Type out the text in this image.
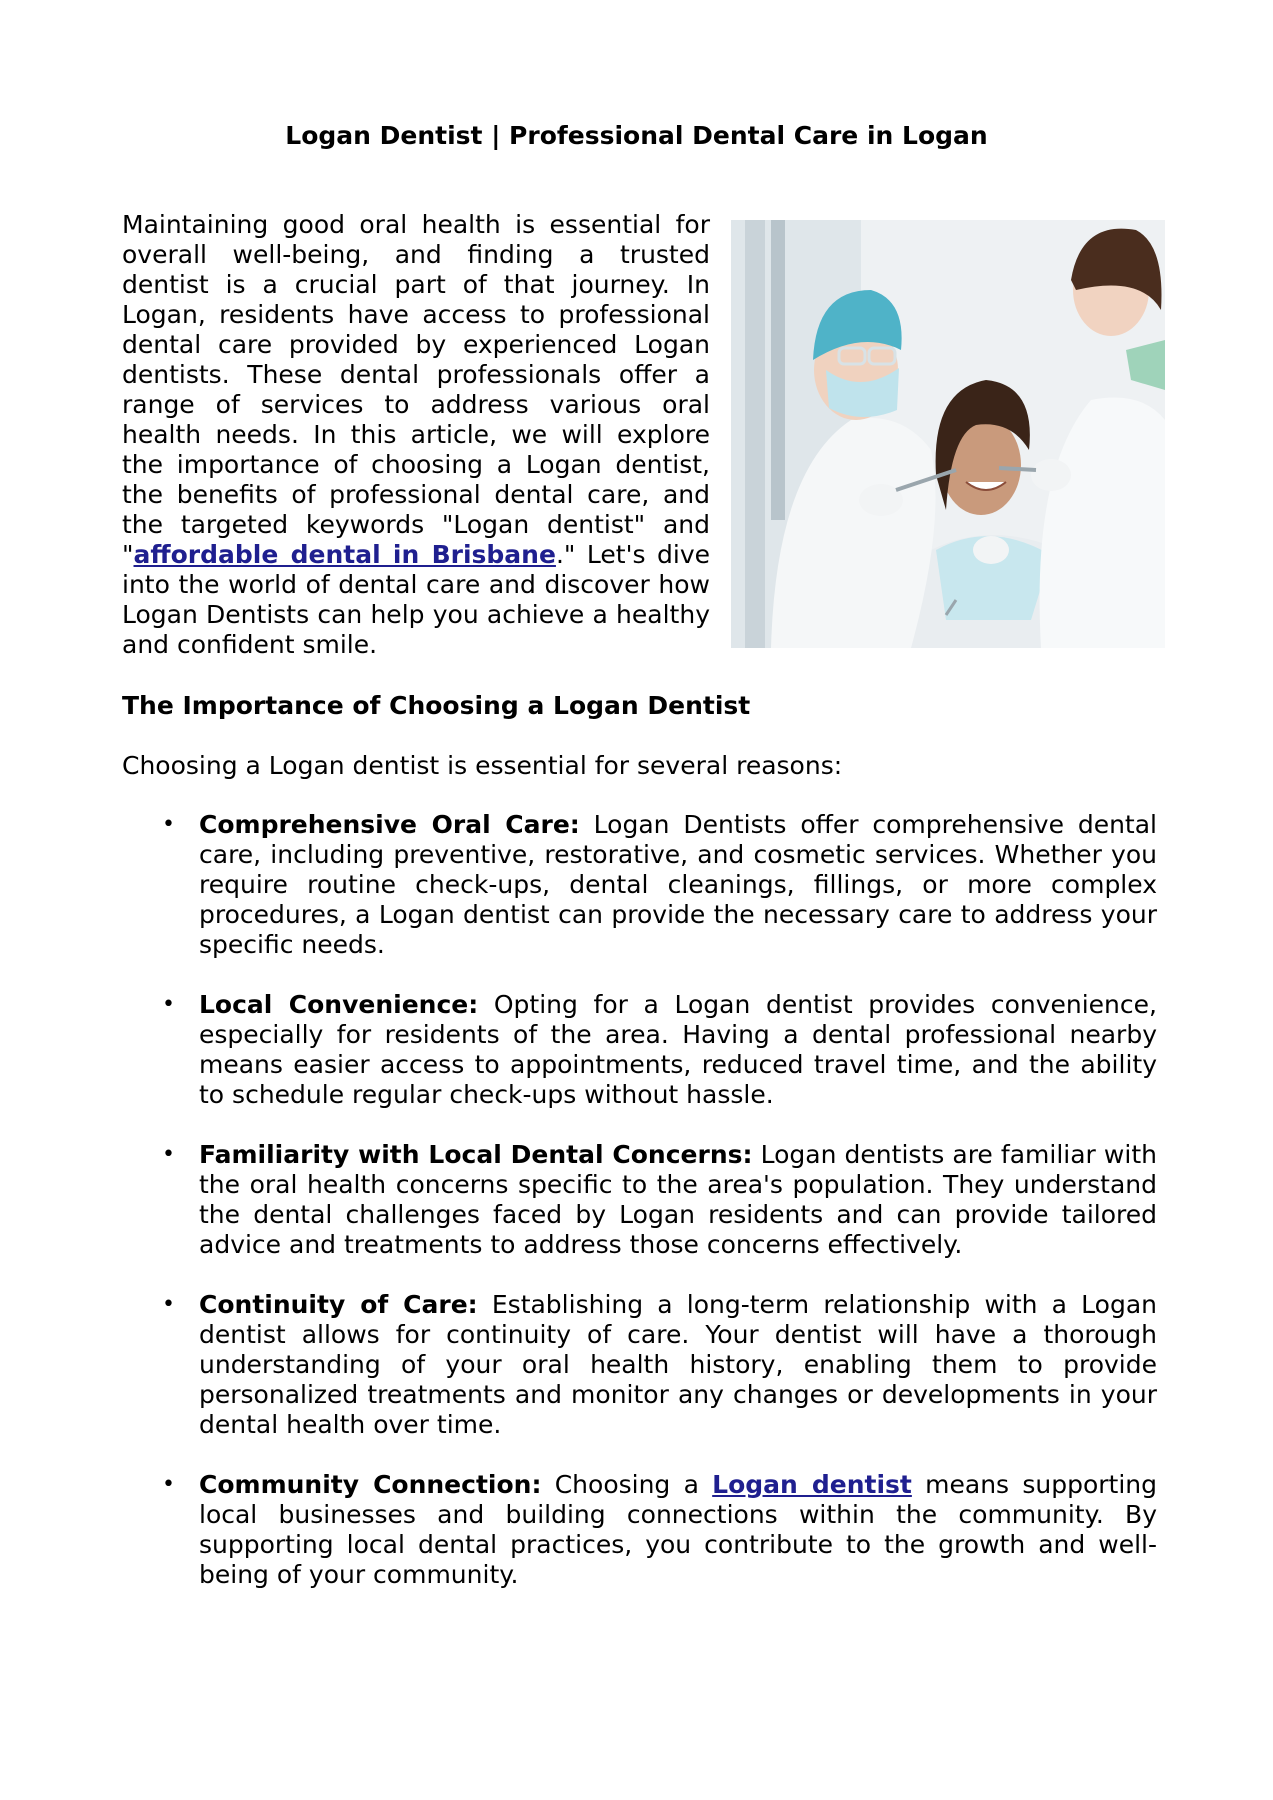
Logan Dentist | Professional Dental Care in Logan

Maintaining good oral health is essential for overall well-being, and finding a trusted dentist is a crucial part of that journey. In Logan, residents have access to professional dental care provided by experienced Logan dentists. These dental professionals offer a range of services to address various oral health needs. In this article, we will explore the importance of choosing a Logan dentist, the benefits of professional dental care, and the targeted keywords "Logan dentist" and "affordable dental in Brisbane." Let's dive into the world of dental care and discover how Logan Dentists can help you achieve a healthy and confident smile.

The Importance of Choosing a Logan Dentist

Choosing a Logan dentist is essential for several reasons:

• Comprehensive Oral Care: Logan Dentists offer comprehensive dental care, including preventive, restorative, and cosmetic services. Whether you require routine check-ups, dental cleanings, fillings, or more complex procedures, a Logan dentist can provide the necessary care to address your specific needs.
• Local Convenience: Opting for a Logan dentist provides convenience, especially for residents of the area. Having a dental professional nearby means easier access to appointments, reduced travel time, and the ability to schedule regular check-ups without hassle.
• Familiarity with Local Dental Concerns: Logan dentists are familiar with the oral health concerns specific to the area's population. They understand the dental challenges faced by Logan residents and can provide tailored advice and treatments to address those concerns effectively.
• Continuity of Care: Establishing a long-term relationship with a Logan dentist allows for continuity of care. Your dentist will have a thorough understanding of your oral health history, enabling them to provide personalized treatments and monitor any changes or developments in your dental health over time.
• Community Connection: Choosing a Logan dentist means supporting local businesses and building connections within the community. By supporting local dental practices, you contribute to the growth and well-being of your community.
